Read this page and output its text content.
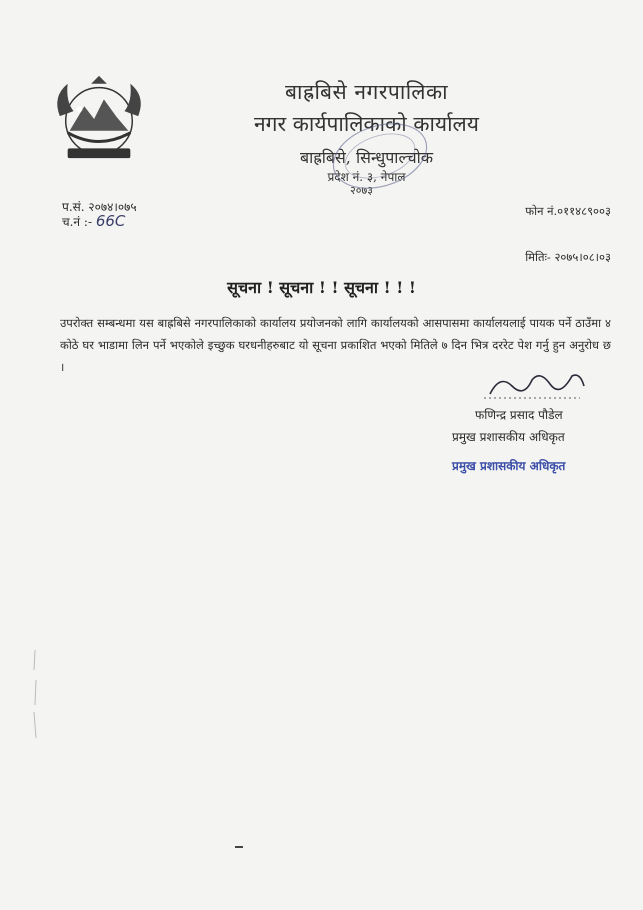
बाह्रबिसे नगरपालिका
नगर कार्यपालिकाको कार्यालय
बाह्रबिसे, सिन्धुपाल्चोक
प्रदेश नं. ३, नेपाल
२०७३
प.सं. २०७४।०७५
च.नं :- 66C
फोन नं.०११४८९००३
मितिः- २०७५।०८।०३
सूचना ! सूचना ! ! सूचना ! ! !
उपरोक्त सम्बन्धमा यस बाह्रबिसे नगरपालिकाको कार्यालय प्रयोजनको लागि कार्यालयको आसपासमा कार्यालयलाई पायक पर्ने ठाउँमा ४ कोठे घर भाडामा लिन पर्ने भएकोले इच्छुक घरधनीहरुबाट यो सूचना प्रकाशित भएको मितिले ७ दिन भित्र दररेट पेश गर्नु हुन अनुरोध छ ।
फणिन्द्र प्रसाद पौडेल
प्रमुख प्रशासकीय अधिकृत
प्रमुख प्रशासकीय अधिकृत
